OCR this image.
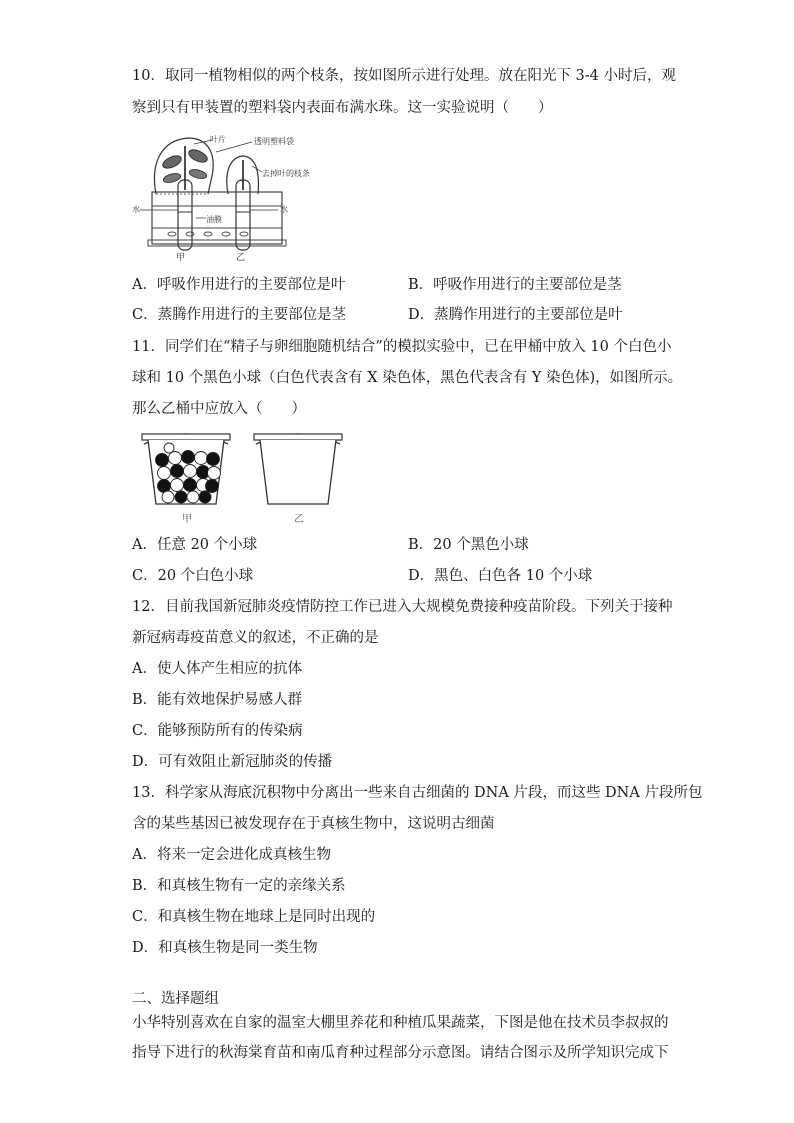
10．取同一植物相似的两个枝条，按如图所示进行处理。放在阳光下 3-4 小时后，观
察到只有甲装置的塑料袋内表面布满水珠。这一实验说明（　　）
叶片	透明塑料袋
去掉叶的枝条
水	水
油膜
甲	乙
A．呼吸作用进行的主要部位是叶	B．呼吸作用进行的主要部位是茎
C．蒸腾作用进行的主要部位是茎	D．蒸腾作用进行的主要部位是叶
11．同学们在“精子与卵细胞随机结合”的模拟实验中，已在甲桶中放入 10 个白色小
球和 10 个黑色小球（白色代表含有 X 染色体，黑色代表含有 Y 染色体)，如图所示。
那么乙桶中应放入（　　）
甲	乙
A．任意 20 个小球	B．20 个黑色小球
C．20 个白色小球	D．黑色、白色各 10 个小球
12．目前我国新冠肺炎疫情防控工作已进入大规模免费接种疫苗阶段。下列关于接种
新冠病毒疫苗意义的叙述，不正确的是
A．使人体产生相应的抗体
B．能有效地保护易感人群
C．能够预防所有的传染病
D．可有效阻止新冠肺炎的传播
13．科学家从海底沉积物中分离出一些来自古细菌的 DNA 片段，而这些 DNA 片段所包
含的某些基因已被发现存在于真核生物中，这说明古细菌
A．将来一定会进化成真核生物
B．和真核生物有一定的亲缘关系
C．和真核生物在地球上是同时出现的
D．和真核生物是同一类生物
二、选择题组
小华特别喜欢在自家的温室大棚里养花和种植瓜果蔬菜，下图是他在技术员李叔叔的
指导下进行的秋海棠育苗和南瓜育种过程部分示意图。请结合图示及所学知识完成下
